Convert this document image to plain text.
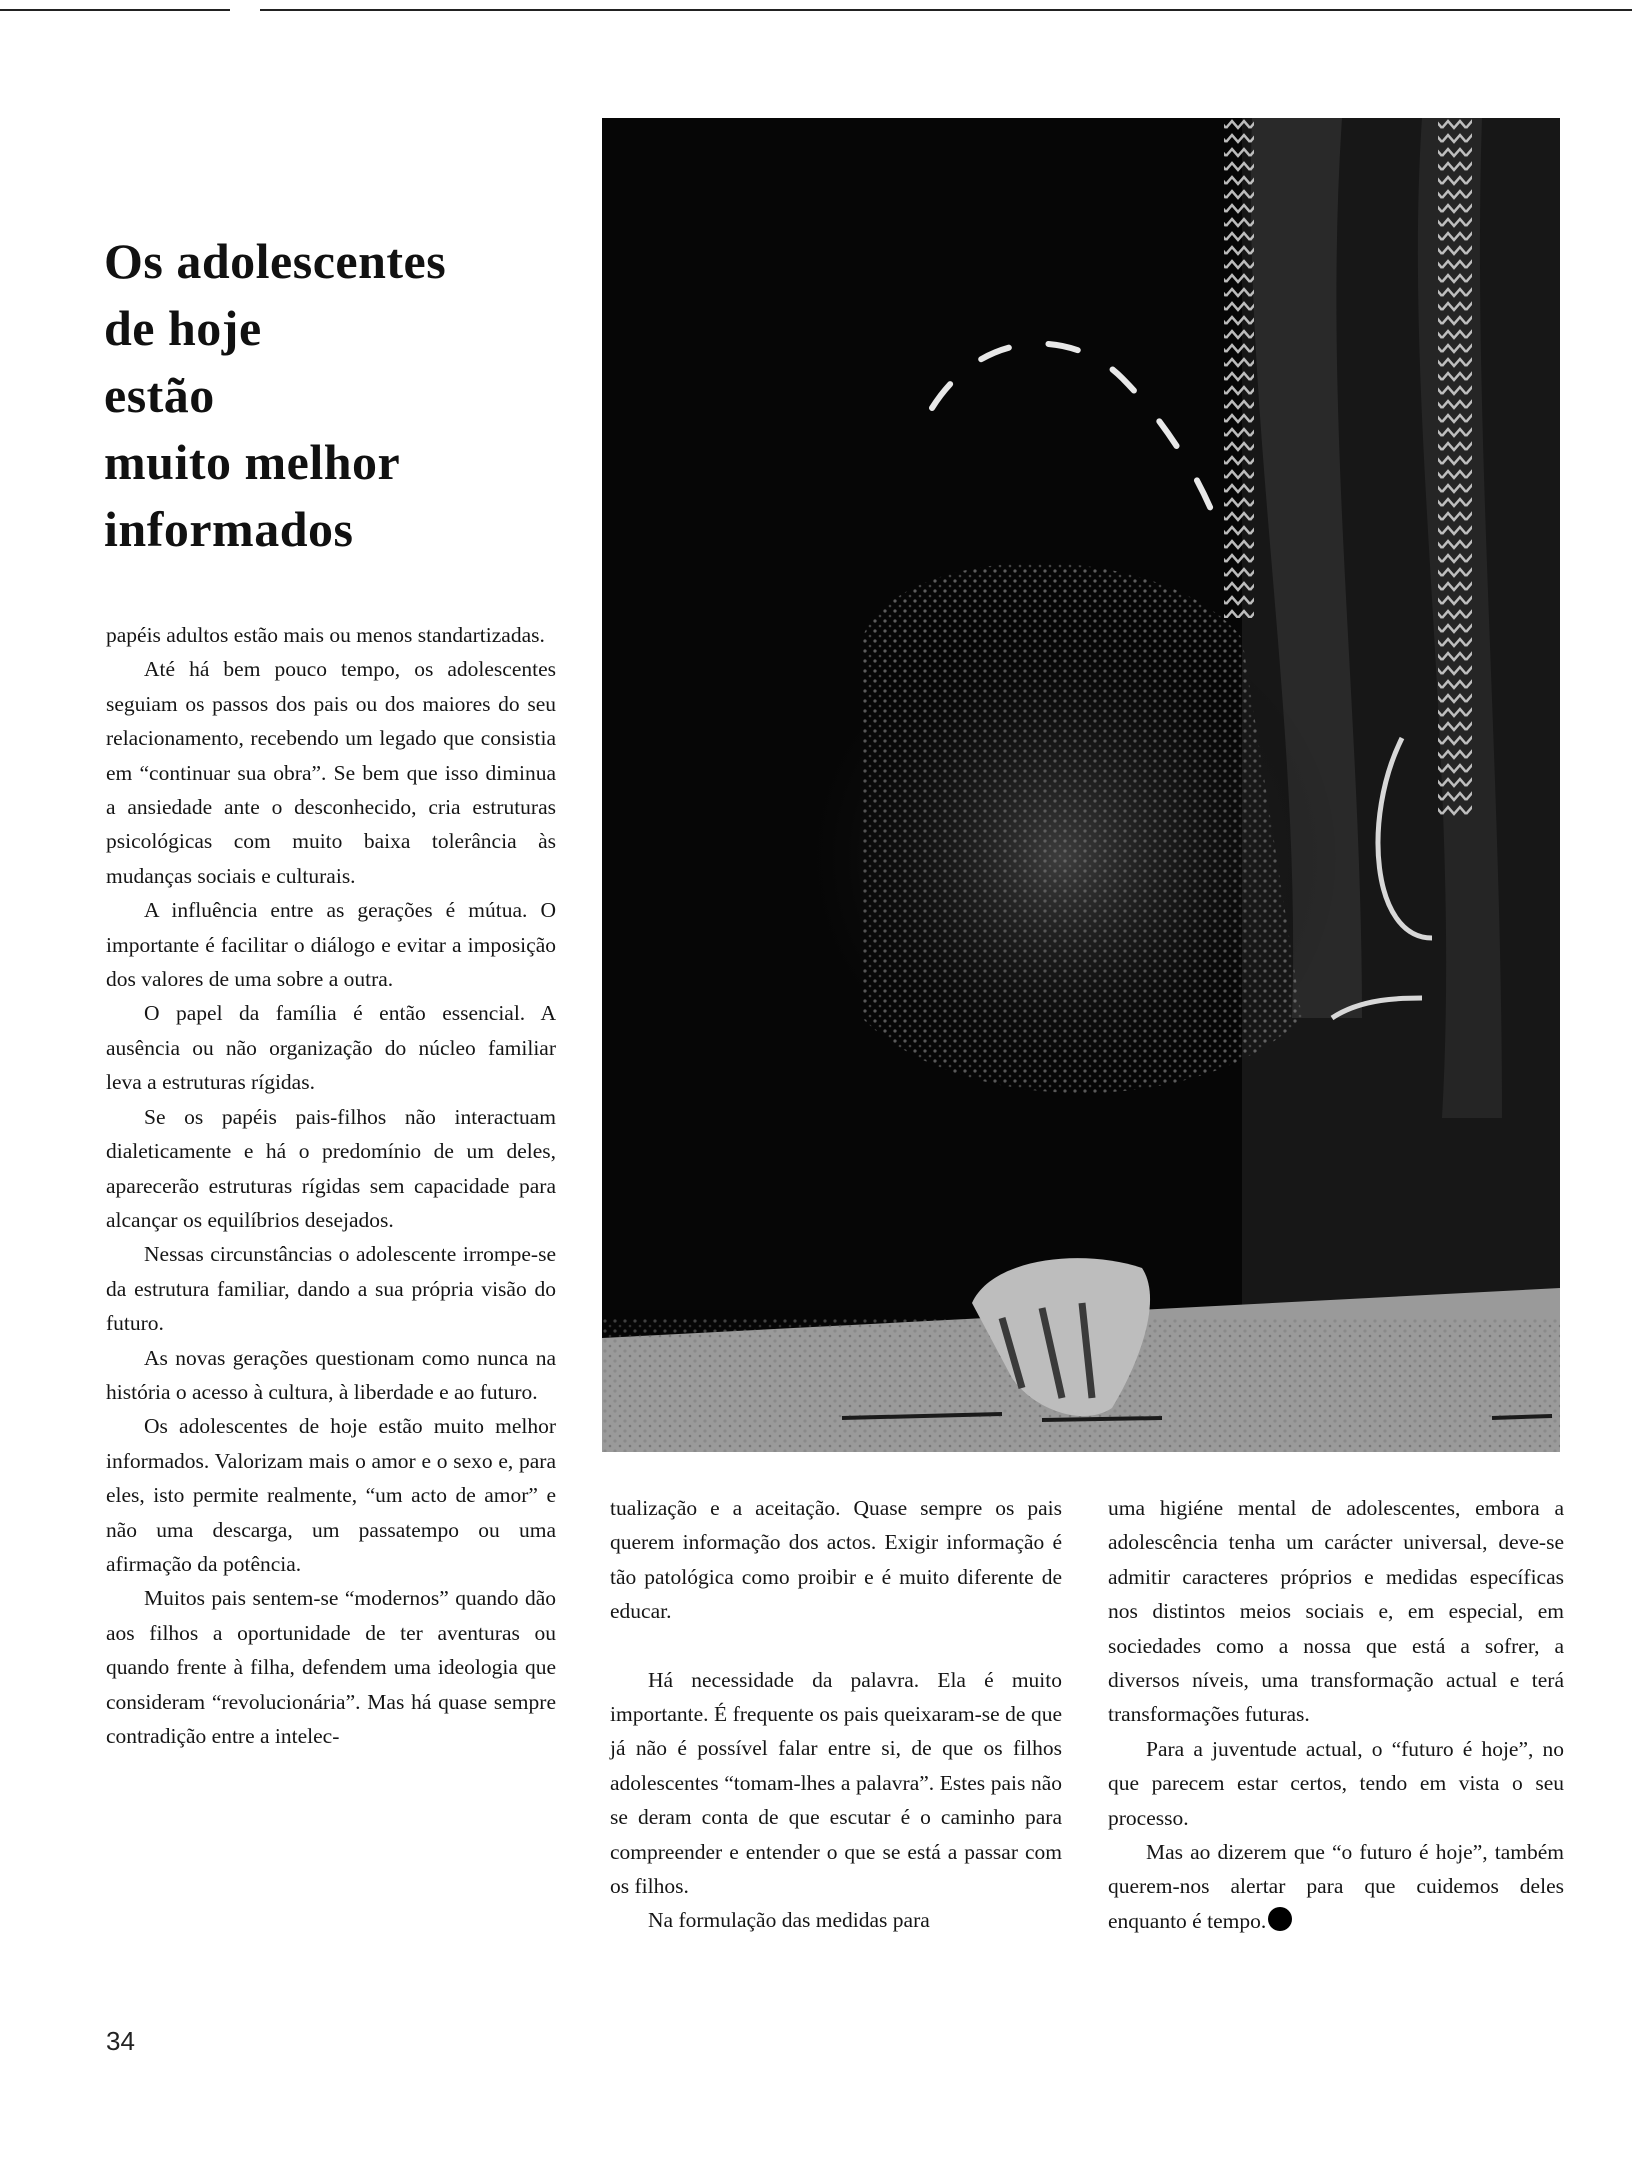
Os adolescentes
de hoje
estão
muito melhor
informados

papéis adultos estão mais ou menos standartizadas.

Até há bem pouco tempo, os adolescentes seguiam os passos dos pais ou dos maiores do seu relacionamento, recebendo um legado que consistia em “continuar sua obra”. Se bem que isso diminua a ansiedade ante o desconhecido, cria estruturas psicológicas com muito baixa tolerância às mudanças sociais e culturais.

A influência entre as gerações é mútua. O importante é facilitar o diálogo e evitar a imposição dos valores de uma sobre a outra.

O papel da família é então essencial. A ausência ou não organização do núcleo familiar leva a estruturas rígidas.

Se os papéis pais-filhos não interactuam dialeticamente e há o predomínio de um deles, aparecerão estruturas rígidas sem capacidade para alcançar os equilíbrios desejados.

Nessas circunstâncias o adolescente irrompe-se da estrutura familiar, dando a sua própria visão do futuro.

As novas gerações questionam como nunca na história o acesso à cultura, à liberdade e ao futuro.

Os adolescentes de hoje estão muito melhor informados. Valorizam mais o amor e o sexo e, para eles, isto permite realmente, “um acto de amor” e não uma descarga, um passatempo ou uma afirmação da potência.

Muitos pais sentem-se “modernos” quando dão aos filhos a oportunidade de ter aventuras ou quando frente à filha, defendem uma ideologia que consideram “revolucionária”. Mas há quase sempre contradição entre a intelec-

tualização e a aceitação. Quase sempre os pais querem informação dos actos. Exigir informação é tão patológica como proibir e é muito diferente de educar.

Há necessidade da palavra. Ela é muito importante. É frequente os pais queixaram-se de que já não é possível falar entre si, de que os filhos adolescentes “tomam-lhes a palavra”. Estes pais não se deram conta de que escutar é o caminho para compreender e entender o que se está a passar com os filhos.

Na formulação das medidas para

uma higiéne mental de adolescentes, embora a adolescência tenha um carácter universal, deve-se admitir caracteres próprios e medidas específicas nos distintos meios sociais e, em especial, em sociedades como a nossa que está a sofrer, a diversos níveis, uma transformação actual e terá transformações futuras.

Para a juventude actual, o “futuro é hoje”, no que parecem estar certos, tendo em vista o seu processo.

Mas ao dizerem que “o futuro é hoje”, também querem-nos alertar para que cuidemos deles enquanto é tempo.

34
